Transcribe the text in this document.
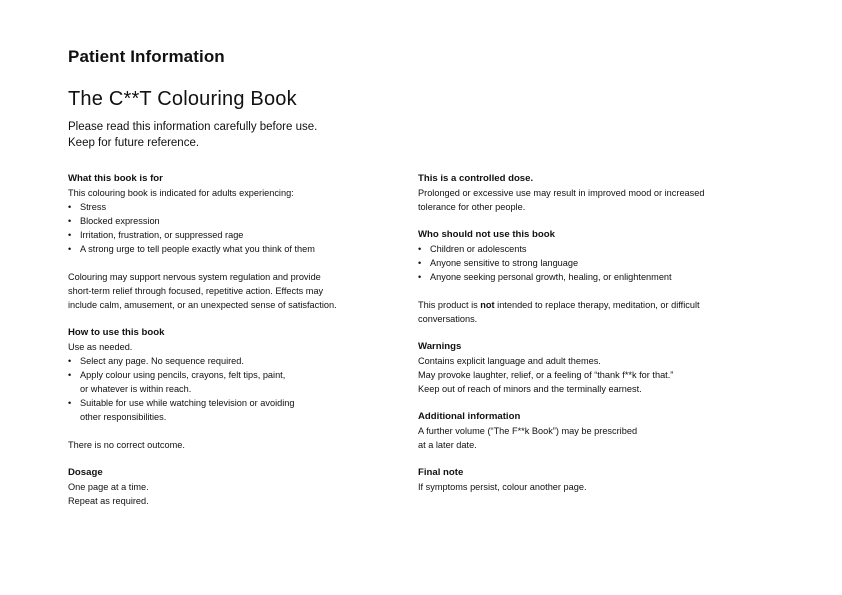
Patient Information
The C**T Colouring Book
Please read this information carefully before use.
Keep for future reference.
What this book is for
This colouring book is indicated for adults experiencing:
• Stress
• Blocked expression
• Irritation, frustration, or suppressed rage
• A strong urge to tell people exactly what you think of them
Colouring may support nervous system regulation and provide
short-term relief through focused, repetitive action. Effects may
include calm, amusement, or an unexpected sense of satisfaction.
How to use this book
Use as needed.
• Select any page. No sequence required.
• Apply colour using pencils, crayons, felt tips, paint,
or whatever is within reach.
• Suitable for use while watching television or avoiding
other responsibilities.
There is no correct outcome.
Dosage
One page at a time.
Repeat as required.
This is a controlled dose.
Prolonged or excessive use may result in improved mood or increased
tolerance for other people.
Who should not use this book
• Children or adolescents
• Anyone sensitive to strong language
• Anyone seeking personal growth, healing, or enlightenment
This product is not intended to replace therapy, meditation, or difficult
conversations.
Warnings
Contains explicit language and adult themes.
May provoke laughter, relief, or a feeling of “thank f**k for that.”
Keep out of reach of minors and the terminally earnest.
Additional information
A further volume (“The F**k Book”) may be prescribed
at a later date.
Final note
If symptoms persist, colour another page.
